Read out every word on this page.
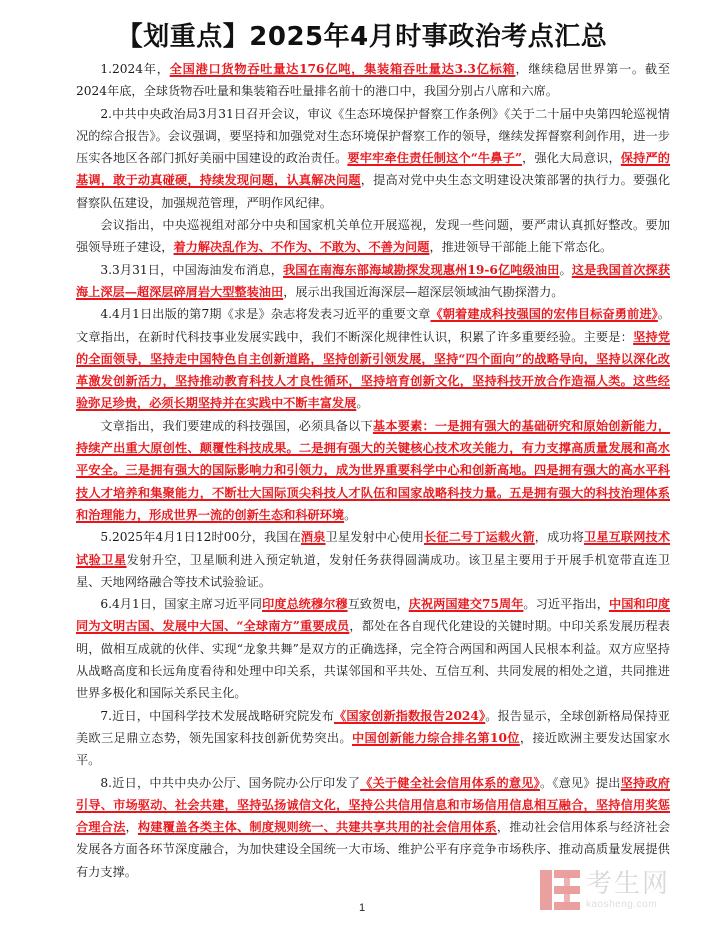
【划重点】2025年4月时事政治考点汇总

1.2024年，全国港口货物吞吐量达176亿吨，集装箱吞吐量达3.3亿标箱，继续稳居世界第一。截至2024年底，全球货物吞吐量和集装箱吞吐量排名前十的港口中，我国分别占八席和六席。

2.中共中央政治局3月31日召开会议，审议《生态环境保护督察工作条例》《关于二十届中央第四轮巡视情况的综合报告》。会议强调，要坚持和加强党对生态环境保护督察工作的领导，继续发挥督察利剑作用，进一步压实各地区各部门抓好美丽中国建设的政治责任。要牢牢牵住责任制这个“牛鼻子”，强化大局意识，保持严的基调，敢于动真碰硬，持续发现问题，认真解决问题，提高对党中央生态文明建设决策部署的执行力。要强化督察队伍建设，加强规范管理，严明作风纪律。

会议指出，中央巡视组对部分中央和国家机关单位开展巡视，发现一些问题，要严肃认真抓好整改。要加强领导班子建设，着力解决乱作为、不作为、不敢为、不善为问题，推进领导干部能上能下常态化。

3.3月31日，中国海油发布消息，我国在南海东部海域勘探发现惠州19-6亿吨级油田。这是我国首次探获海上深层—超深层碎屑岩大型整装油田，展示出我国近海深层—超深层领域油气勘探潜力。

4.4月1日出版的第7期《求是》杂志将发表习近平的重要文章《朝着建成科技强国的宏伟目标奋勇前进》。文章指出，在新时代科技事业发展实践中，我们不断深化规律性认识，积累了许多重要经验。主要是：坚持党的全面领导，坚持走中国特色自主创新道路，坚持创新引领发展，坚持“四个面向”的战略导向，坚持以深化改革激发创新活力，坚持推动教育科技人才良性循环，坚持培育创新文化，坚持科技开放合作造福人类。这些经验弥足珍贵，必须长期坚持并在实践中不断丰富发展。

文章指出，我们要建成的科技强国，必须具备以下基本要素：一是拥有强大的基础研究和原始创新能力，持续产出重大原创性、颠覆性科技成果。二是拥有强大的关键核心技术攻关能力，有力支撑高质量发展和高水平安全。三是拥有强大的国际影响力和引领力，成为世界重要科学中心和创新高地。四是拥有强大的高水平科技人才培养和集聚能力，不断壮大国际顶尖科技人才队伍和国家战略科技力量。五是拥有强大的科技治理体系和治理能力，形成世界一流的创新生态和科研环境。

5.2025年4月1日12时00分，我国在酒泉卫星发射中心使用长征二号丁运载火箭，成功将卫星互联网技术试验卫星发射升空，卫星顺利进入预定轨道，发射任务获得圆满成功。该卫星主要用于开展手机宽带直连卫星、天地网络融合等技术试验验证。

6.4月1日，国家主席习近平同印度总统穆尔穆互致贺电，庆祝两国建交75周年。习近平指出，中国和印度同为文明古国、发展中大国、“全球南方”重要成员，都处在各自现代化建设的关键时期。中印关系发展历程表明，做相互成就的伙伴、实现“龙象共舞”是双方的正确选择，完全符合两国和两国人民根本利益。双方应坚持从战略高度和长远角度看待和处理中印关系，共谋邻国和平共处、互信互利、共同发展的相处之道，共同推进世界多极化和国际关系民主化。

7.近日，中国科学技术发展战略研究院发布《国家创新指数报告2024》。报告显示，全球创新格局保持亚美欧三足鼎立态势，领先国家科技创新优势突出。中国创新能力综合排名第10位，接近欧洲主要发达国家水平。

8.近日，中共中央办公厅、国务院办公厅印发了《关于健全社会信用体系的意见》。《意见》提出坚持政府引导、市场驱动、社会共建，坚持弘扬诚信文化，坚持公共信用信息和市场信用信息相互融合，坚持信用奖惩合理合法，构建覆盖各类主体、制度规则统一、共建共享共用的社会信用体系，推动社会信用体系与经济社会发展各方面各环节深度融合，为加快建设全国统一大市场、维护公平有序竞争市场秩序、推动高质量发展提供有力支撑。

1
考生网
kaosheng.com
